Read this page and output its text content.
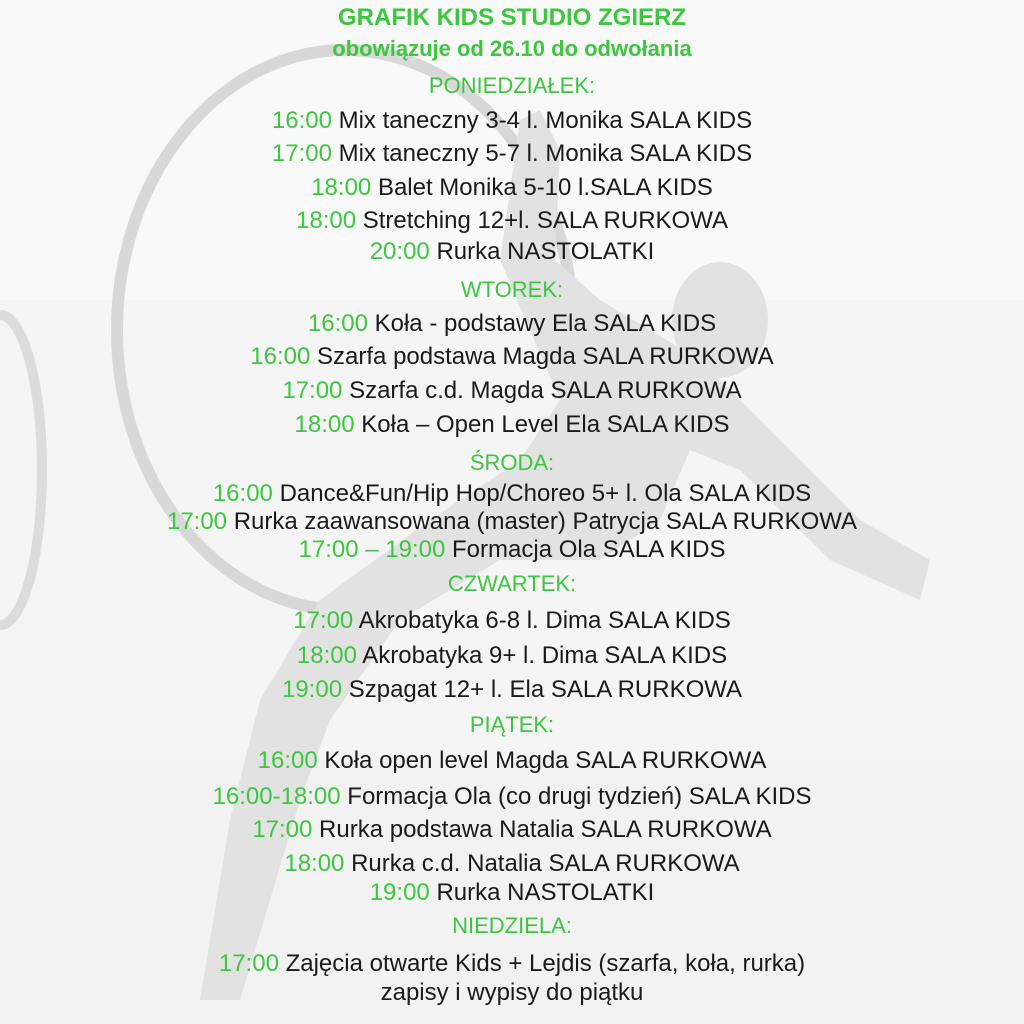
GRAFIK KIDS STUDIO ZGIERZ
obowiązuje od 26.10 do odwołania
PONIEDZIAŁEK:
16:00 Mix taneczny 3-4 l. Monika SALA KIDS
17:00 Mix taneczny 5-7 l. Monika SALA KIDS
18:00 Balet Monika 5-10 l.SALA KIDS
18:00 Stretching 12+l. SALA RURKOWA
20:00 Rurka NASTOLATKI
WTOREK:
16:00 Koła - podstawy Ela SALA KIDS
16:00 Szarfa podstawa Magda SALA RURKOWA
17:00 Szarfa c.d. Magda SALA RURKOWA
18:00 Koła – Open Level Ela SALA KIDS
ŚRODA:
16:00 Dance&Fun/Hip Hop/Choreo 5+ l. Ola SALA KIDS
17:00 Rurka zaawansowana (master) Patrycja SALA RURKOWA
17:00 – 19:00 Formacja Ola SALA KIDS
CZWARTEK:
17:00 Akrobatyka 6-8 l. Dima SALA KIDS
18:00 Akrobatyka 9+ l. Dima SALA KIDS
19:00 Szpagat 12+ l. Ela SALA RURKOWA
PIĄTEK:
16:00 Koła open level Magda SALA RURKOWA
16:00-18:00 Formacja Ola (co drugi tydzień) SALA KIDS
17:00 Rurka podstawa Natalia SALA RURKOWA
18:00 Rurka c.d. Natalia SALA RURKOWA
19:00 Rurka NASTOLATKI
NIEDZIELA:
17:00 Zajęcia otwarte Kids + Lejdis (szarfa, koła, rurka)
zapisy i wypisy do piątku
